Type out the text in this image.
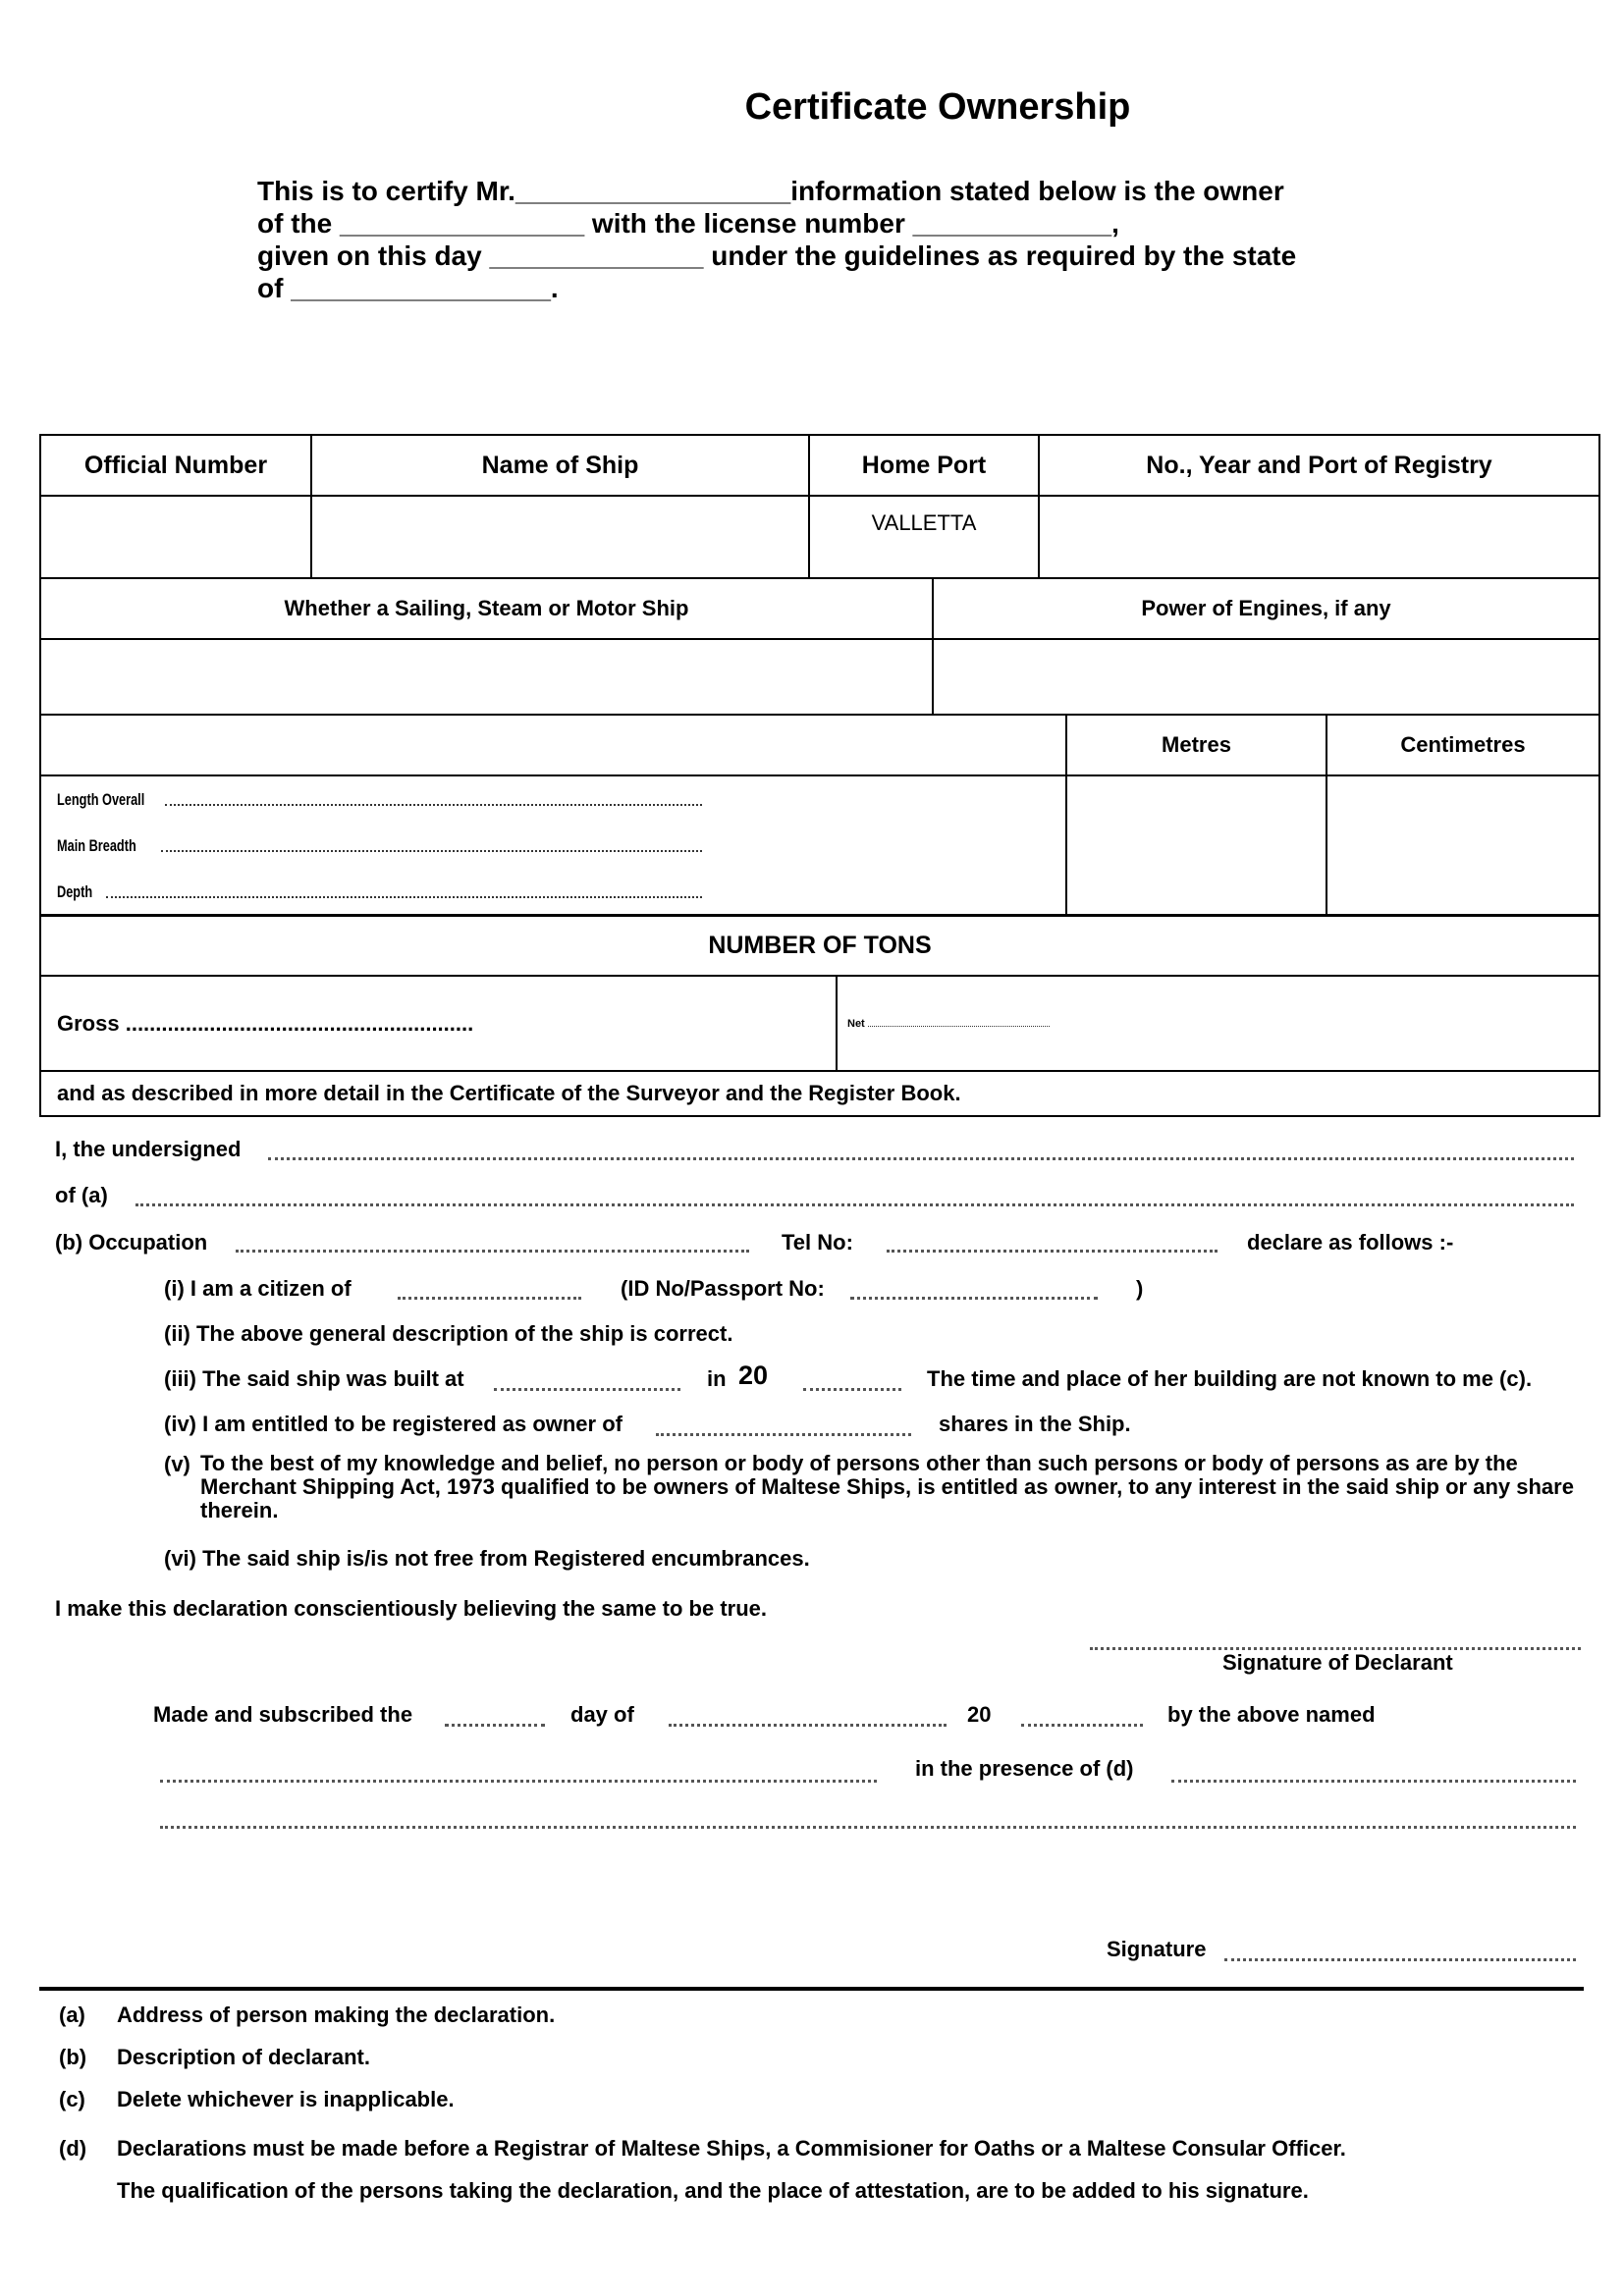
Certificate Ownership
This is to certify Mr.__________________information stated below is the owner
of the ________________ with the license number _____________,
given on this day ______________ under the guidelines as required by the state
of _________________.
Official Number	Name of Ship	Home Port	No., Year and Port of Registry
		VALLETTA	
Whether a Sailing, Steam or Motor Ship	Power of Engines, if any

	Metres	Centimetres

Length Overall
Main Breadth
Depth		

NUMBER OF TONS
Gross ..........................................................	Net
and as described in more detail in the Certificate of the Surveyor and the Register Book.
I, the undersigned
of (a)
(b) Occupation	Tel No:	declare as follows :-
(i) I am a citizen of	(ID No/Passport No:	)
(ii) The above general description of the ship is correct.
(iii) The said ship was built at	in 20	The time and place of her building are not known to me (c).
(iv) I am entitled to be registered as owner of	shares in the Ship.
(v) To the best of my knowledge and belief, no person or body of persons other than such persons or body of persons as are by the Merchant Shipping Act, 1973 qualified to be owners of Maltese Ships, is entitled as owner, to any interest in the said ship or any share therein.
(vi) The said ship is/is not free from Registered encumbrances.
I make this declaration conscientiously believing the same to be true.
Signature of Declarant
Made and subscribed the	day of	20	by the above named
in the presence of (d)
Signature
(a) Address of person making the declaration.
(b) Description of declarant.
(c) Delete whichever is inapplicable.
(d) Declarations must be made before a Registrar of Maltese Ships, a Commisioner for Oaths or a Maltese Consular Officer.
The qualification of the persons taking the declaration, and the place of attestation, are to be added to his signature.
